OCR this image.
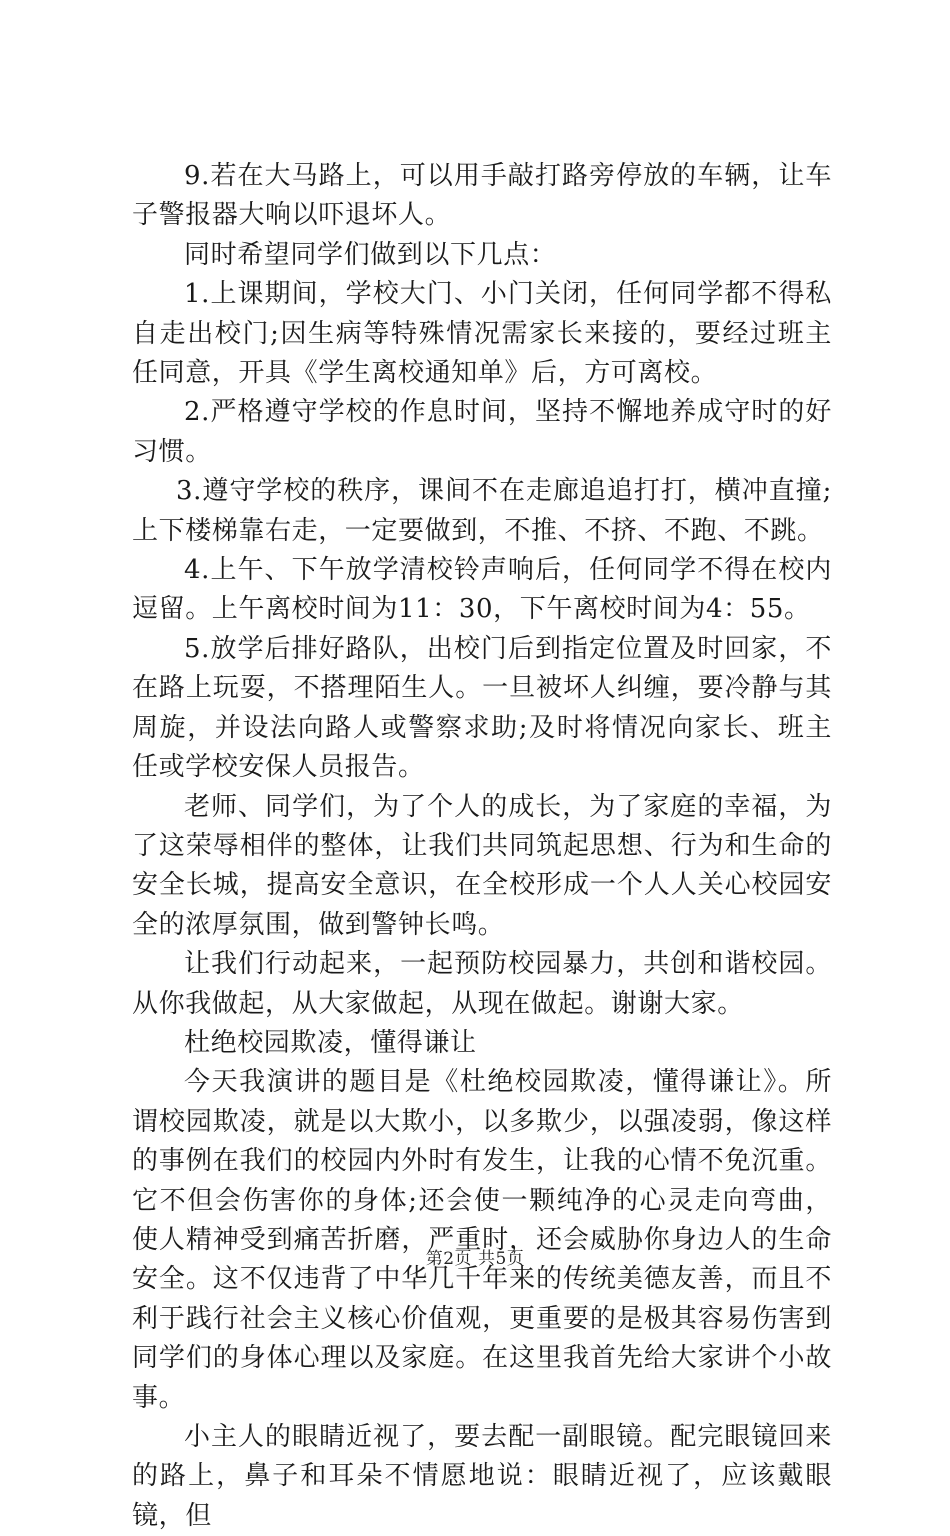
9.若在大马路上，可以用手敲打路旁停放的车辆，让车子警报器大响以吓退坏人。

同时希望同学们做到以下几点：

1.上课期间，学校大门、小门关闭，任何同学都不得私自走出校门;因生病等特殊情况需家长来接的，要经过班主任同意，开具《学生离校通知单》后，方可离校。

2.严格遵守学校的作息时间，坚持不懈地养成守时的好习惯。

3.遵守学校的秩序，课间不在走廊追追打打，横冲直撞;上下楼梯靠右走，一定要做到，不推、不挤、不跑、不跳。

4.上午、下午放学清校铃声响后，任何同学不得在校内逗留。上午离校时间为11：30，下午离校时间为4：55。

5.放学后排好路队，出校门后到指定位置及时回家，不在路上玩耍，不搭理陌生人。一旦被坏人纠缠，要冷静与其周旋，并设法向路人或警察求助;及时将情况向家长、班主任或学校安保人员报告。

老师、同学们，为了个人的成长，为了家庭的幸福，为了这荣辱相伴的整体，让我们共同筑起思想、行为和生命的安全长城，提高安全意识，在全校形成一个人人关心校园安全的浓厚氛围，做到警钟长鸣。

让我们行动起来，一起预防校园暴力，共创和谐校园。从你我做起，从大家做起，从现在做起。谢谢大家。

杜绝校园欺凌，懂得谦让

今天我演讲的题目是《杜绝校园欺凌，懂得谦让》。所谓校园欺凌，就是以大欺小，以多欺少，以强凌弱，像这样的事例在我们的校园内外时有发生，让我的心情不免沉重。它不但会伤害你的身体;还会使一颗纯净的心灵走向弯曲，使人精神受到痛苦折磨，严重时，还会威胁你身边人的生命安全。这不仅违背了中华几千年来的传统美德友善，而且不利于践行社会主义核心价值观，更重要的是极其容易伤害到同学们的身体心理以及家庭。在这里我首先给大家讲个小故事。

小主人的眼睛近视了，要去配一副眼镜。配完眼镜回来的路上，鼻子和耳朵不情愿地说：眼睛近视了，应该戴眼镜，但

第2页 共5页
